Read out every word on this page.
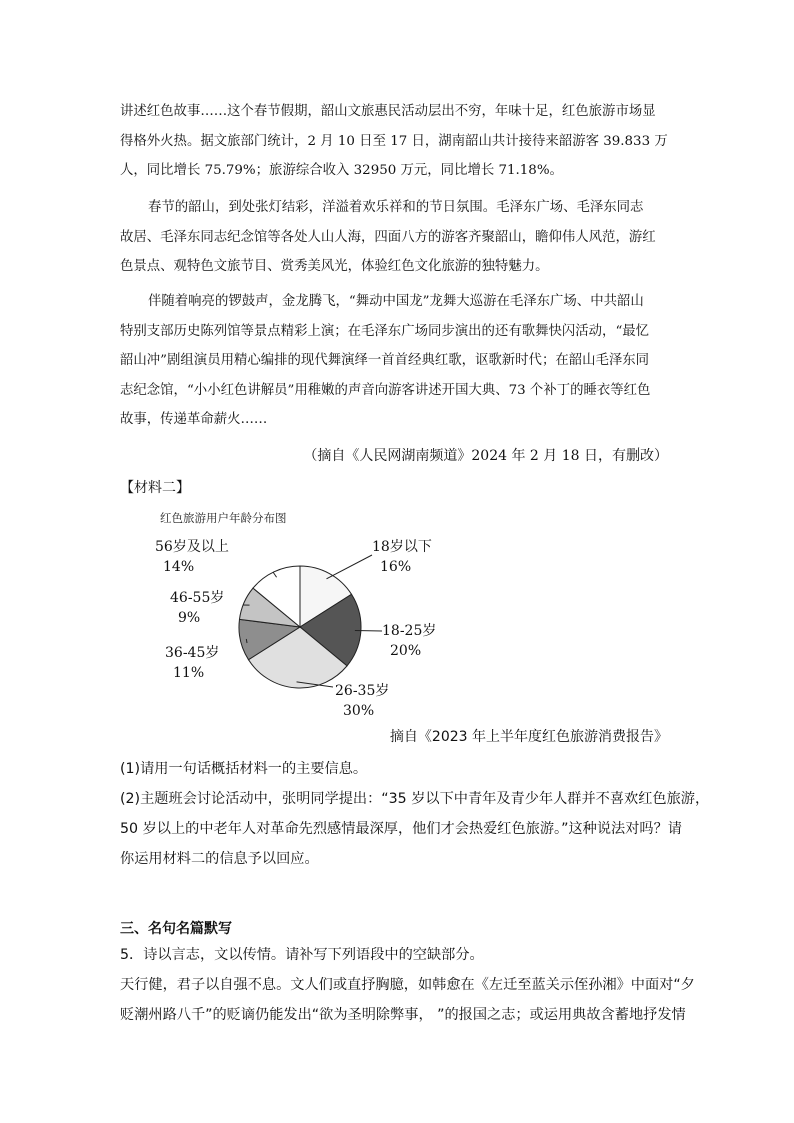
讲述红色故事……这个春节假期，韶山文旅惠民活动层出不穷，年味十足，红色旅游市场显
得格外火热。据文旅部门统计，2 月 10 日至 17 日，湖南韶山共计接待来韶游客 39.833 万
人，同比增长 75.79%；旅游综合收入 32950 万元，同比增长 71.18%。
春节的韶山，到处张灯结彩，洋溢着欢乐祥和的节日氛围。毛泽东广场、毛泽东同志
故居、毛泽东同志纪念馆等各处人山人海，四面八方的游客齐聚韶山，瞻仰伟人风范，游红
色景点、观特色文旅节目、赏秀美风光，体验红色文化旅游的独特魅力。
伴随着响亮的锣鼓声，金龙腾飞，“舞动中国龙”龙舞大巡游在毛泽东广场、中共韶山
特别支部历史陈列馆等景点精彩上演；在毛泽东广场同步演出的还有歌舞快闪活动，“最忆
韶山冲”剧组演员用精心编排的现代舞演绎一首首经典红歌，讴歌新时代；在韶山毛泽东同
志纪念馆，“小小红色讲解员”用稚嫩的声音向游客讲述开国大典、73 个补丁的睡衣等红色
故事，传递革命薪火……
（摘自《人民网湖南频道》2024 年 2 月 18 日，有删改）
【材料二】
红色旅游用户年龄分布图
18岁以下
16%
18-25岁
20%
26-35岁
30%
36-45岁
11%
46-55岁
9%
56岁及以上
14%
摘自《2023 年上半年度红色旅游消费报告》
(1)请用一句话概括材料一的主要信息。
(2)主题班会讨论活动中，张明同学提出：“35 岁以下中青年及青少年人群并不喜欢红色旅游，
50 岁以上的中老年人对革命先烈感情最深厚，他们才会热爱红色旅游。”这种说法对吗？请
你运用材料二的信息予以回应。
三、名句名篇默写
5．诗以言志，文以传情。请补写下列语段中的空缺部分。
天行健，君子以自强不息。文人们或直抒胸臆，如韩愈在《左迁至蓝关示侄孙湘》中面对“夕
贬潮州路八千”的贬谪仍能发出“欲为圣明除弊事， ”的报国之志；或运用典故含蓄地抒发情
